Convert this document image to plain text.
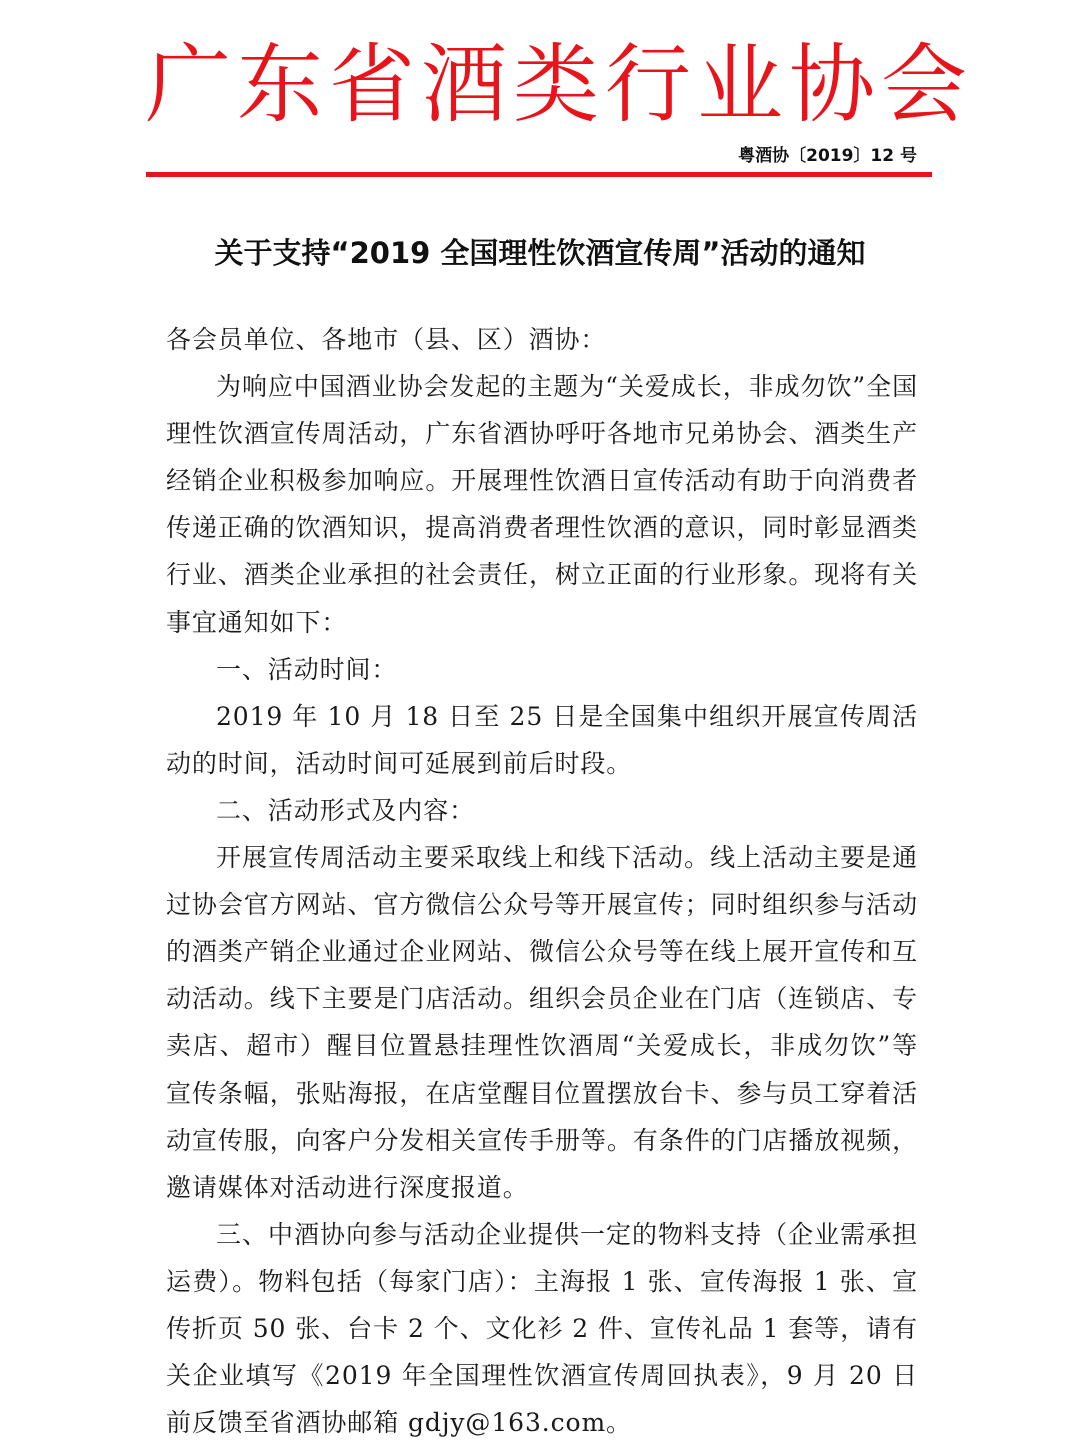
广东省酒类行业协会
粤酒协〔2019〕12 号
关于支持“2019 全国理性饮酒宣传周”活动的通知

各会员单位、各地市（县、区）酒协：

为响应中国酒业协会发起的主题为“关爱成长，非成勿饮”全国理性饮酒宣传周活动，广东省酒协呼吁各地市兄弟协会、酒类生产经销企业积极参加响应。开展理性饮酒日宣传活动有助于向消费者传递正确的饮酒知识，提高消费者理性饮酒的意识，同时彰显酒类行业、酒类企业承担的社会责任，树立正面的行业形象。现将有关事宜通知如下：

一、活动时间：

2019 年 10 月 18 日至 25 日是全国集中组织开展宣传周活动的时间，活动时间可延展到前后时段。

二、活动形式及内容：

开展宣传周活动主要采取线上和线下活动。线上活动主要是通过协会官方网站、官方微信公众号等开展宣传；同时组织参与活动的酒类产销企业通过企业网站、微信公众号等在线上展开宣传和互动活动。线下主要是门店活动。组织会员企业在门店（连锁店、专卖店、超市）醒目位置悬挂理性饮酒周“关爱成长，非成勿饮”等宣传条幅，张贴海报，在店堂醒目位置摆放台卡、参与员工穿着活动宣传服，向客户分发相关宣传手册等。有条件的门店播放视频，邀请媒体对活动进行深度报道。

三、中酒协向参与活动企业提供一定的物料支持（企业需承担运费）。物料包括（每家门店）：主海报 1 张、宣传海报 1 张、宣传折页 50 张、台卡 2 个、文化衫 2 件、宣传礼品 1 套等，请有关企业填写《2019 年全国理性饮酒宣传周回执表》，9 月 20 日前反馈至省酒协邮箱 gdjy@163.com。
